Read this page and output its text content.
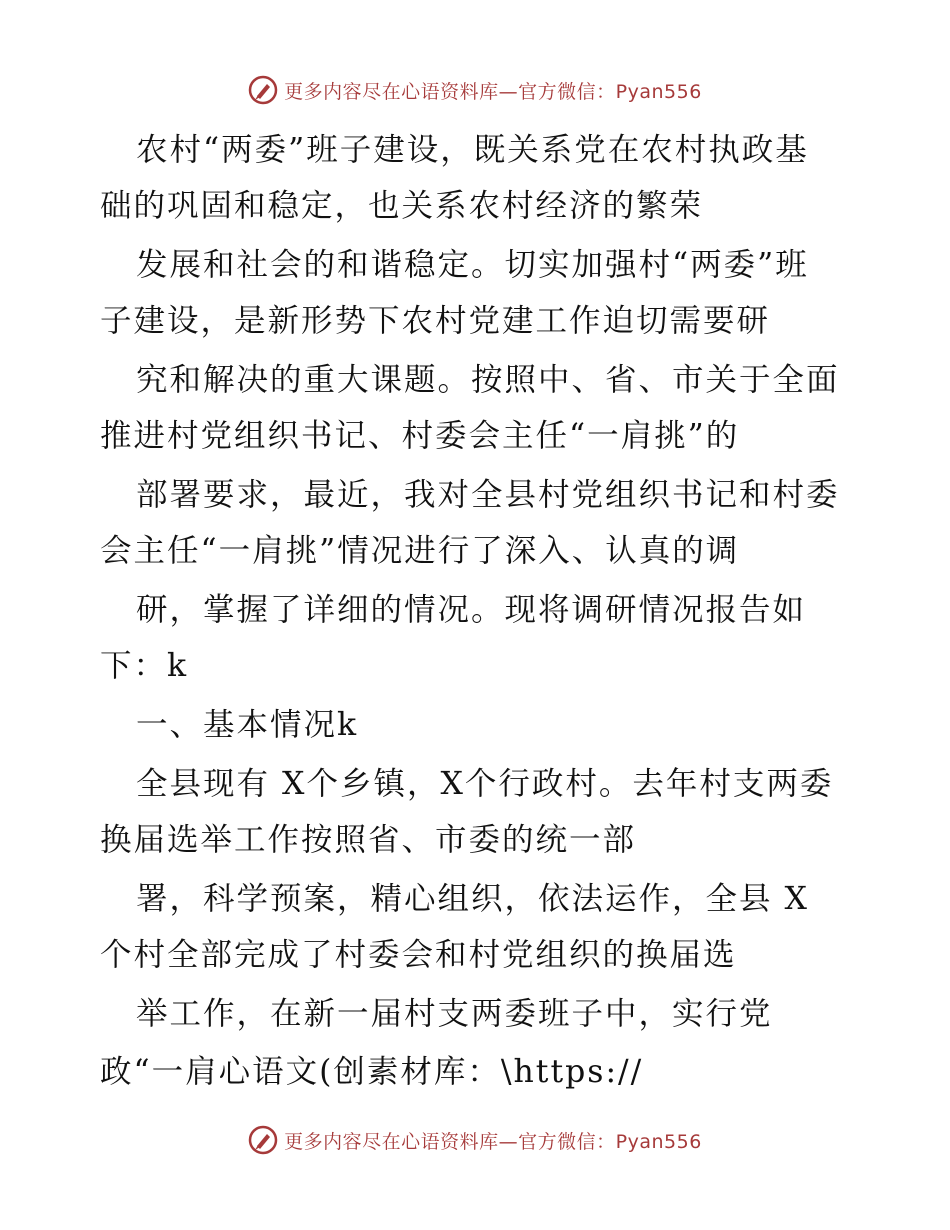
更多内容尽在心语资料库—官方微信：Pyan556
农村“两委”班子建设，既关系党在农村执政基
础的巩固和稳定，也关系农村经济的繁荣
发展和社会的和谐稳定。切实加强村“两委”班
子建设，是新形势下农村党建工作迫切需要研
究和解决的重大课题。按照中、省、市关于全面
推进村党组织书记、村委会主任“一肩挑”的
部署要求，最近，我对全县村党组织书记和村委
会主任“一肩挑”情况进行了深入、认真的调
研，掌握了详细的情况。现将调研情况报告如
下：k
一、基本情况k
全县现有 X个乡镇，X个行政村。去年村支两委
换届选举工作按照省、市委的统一部
署，科学预案，精心组织，依法运作，全县 X
个村全部完成了村委会和村党组织的换届选
举工作，在新一届村支两委班子中，实行党
政“一肩心语文(创素材库：\https://
更多内容尽在心语资料库—官方微信：Pyan556
